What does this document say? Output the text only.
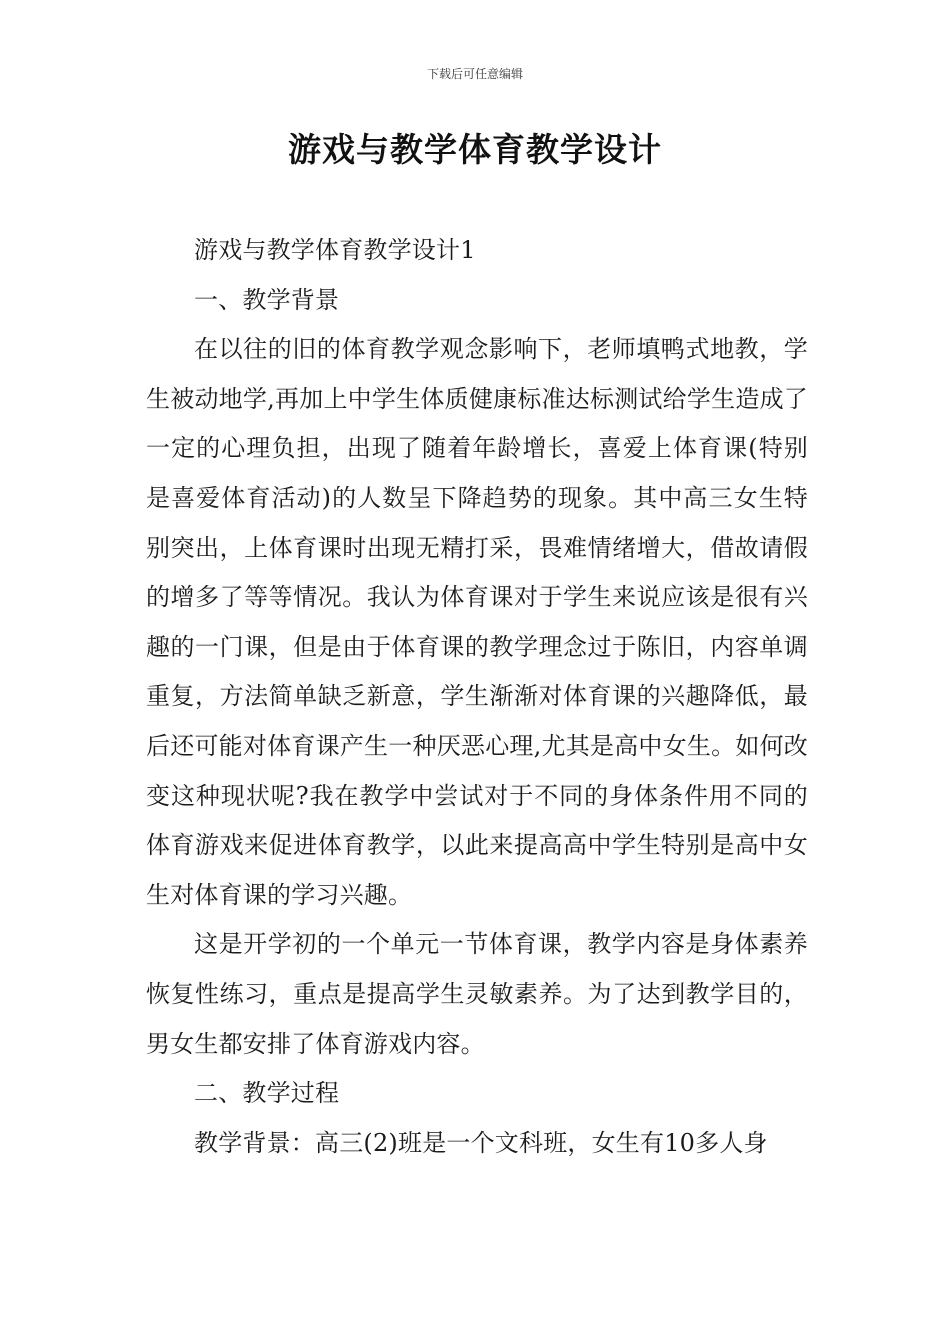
下载后可任意编辑
游戏与教学体育教学设计

游戏与教学体育教学设计1

一、教学背景

在以往的旧的体育教学观念影响下，老师填鸭式地教，学生被动地学,再加上中学生体质健康标准达标测试给学生造成了一定的心理负担，出现了随着年龄增长，喜爱上体育课(特别是喜爱体育活动)的人数呈下降趋势的现象。其中高三女生特别突出，上体育课时出现无精打采，畏难情绪增大，借故请假的增多了等等情况。我认为体育课对于学生来说应该是很有兴趣的一门课，但是由于体育课的教学理念过于陈旧，内容单调重复，方法简单缺乏新意，学生渐渐对体育课的兴趣降低，最后还可能对体育课产生一种厌恶心理,尤其是高中女生。如何改变这种现状呢?我在教学中尝试对于不同的身体条件用不同的体育游戏来促进体育教学，以此来提高高中学生特别是高中女生对体育课的学习兴趣。

这是开学初的一个单元一节体育课，教学内容是身体素养恢复性练习，重点是提高学生灵敏素养。为了达到教学目的，男女生都安排了体育游戏内容。

二、教学过程

教学背景：高三(2)班是一个文科班，女生有10多人身
